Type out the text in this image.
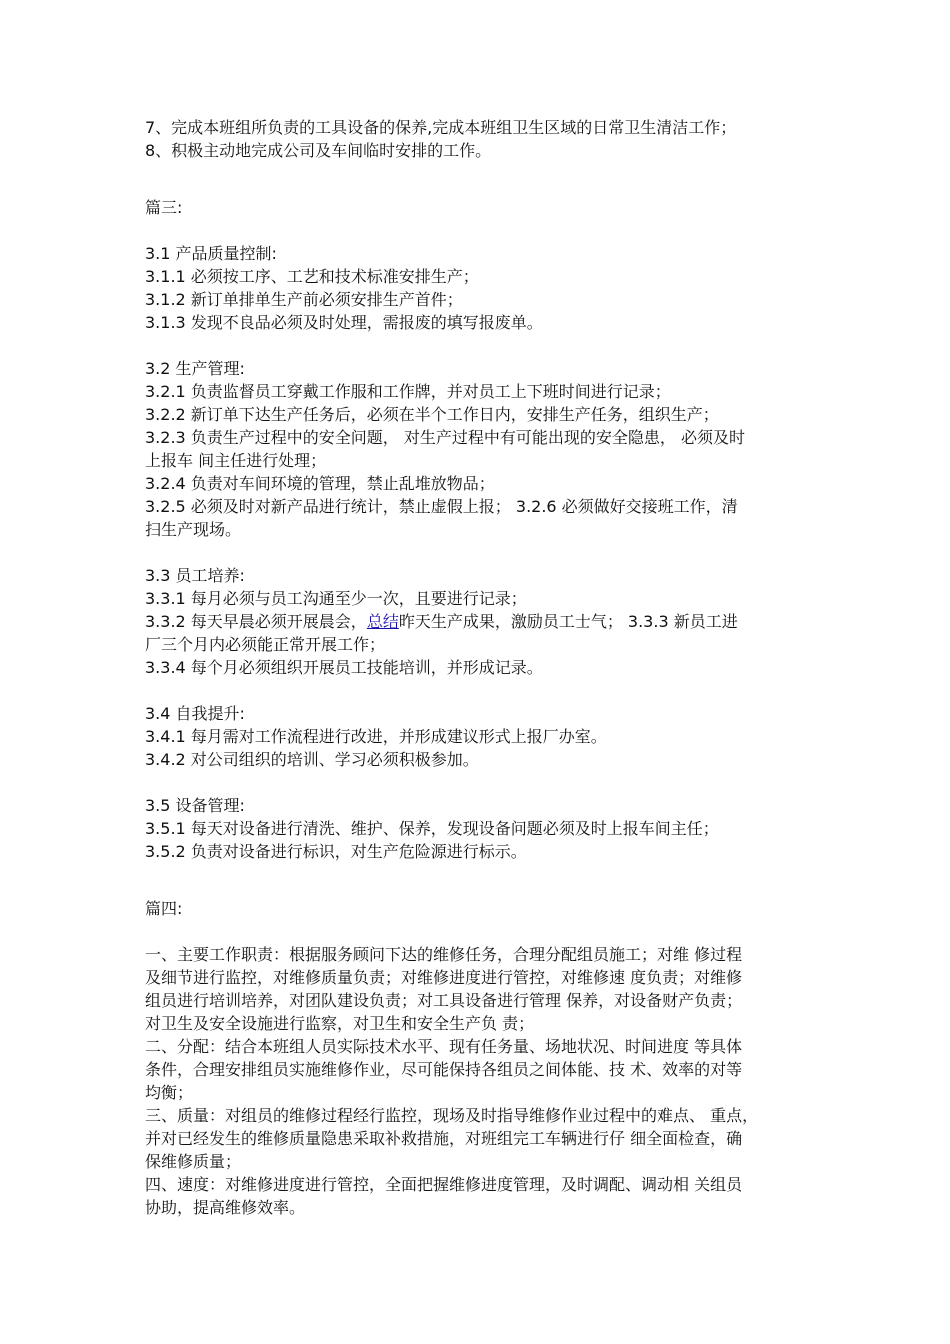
7、完成本班组所负责的工具设备的保养,完成本班组卫生区域的日常卫生清洁工作；
8、积极主动地完成公司及车间临时安排的工作。
篇三:
3.1 产品质量控制:
3.1.1 必须按工序、工艺和技术标准安排生产；
3.1.2 新订单排单生产前必须安排生产首件；
3.1.3 发现不良品必须及时处理，需报废的填写报废单。
3.2 生产管理:
3.2.1 负责监督员工穿戴工作服和工作牌，并对员工上下班时间进行记录；
3.2.2 新订单下达生产任务后，必须在半个工作日内，安排生产任务，组织生产；
3.2.3 负责生产过程中的安全问题， 对生产过程中有可能出现的安全隐患， 必须及时
上报车 间主任进行处理；
3.2.4 负责对车间环境的管理，禁止乱堆放物品；
3.2.5 必须及时对新产品进行统计，禁止虚假上报； 3.2.6 必须做好交接班工作，清
扫生产现场。
3.3 员工培养:
3.3.1 每月必须与员工沟通至少一次，且要进行记录；
3.3.2 每天早晨必须开展晨会，总结昨天生产成果，激励员工士气； 3.3.3 新员工进
厂三个月内必须能正常开展工作；
3.3.4 每个月必须组织开展员工技能培训，并形成记录。
3.4 自我提升:
3.4.1 每月需对工作流程进行改进，并形成建议形式上报厂办室。
3.4.2 对公司组织的培训、学习必须积极参加。
3.5 设备管理:
3.5.1 每天对设备进行清洗、维护、保养，发现设备问题必须及时上报车间主任；
3.5.2 负责对设备进行标识，对生产危险源进行标示。
篇四:
一、主要工作职责：根据服务顾问下达的维修任务，合理分配组员施工；对维 修过程
及细节进行监控，对维修质量负责；对维修进度进行管控，对维修速 度负责；对维修
组员进行培训培养，对团队建设负责；对工具设备进行管理 保养，对设备财产负责；
对卫生及安全设施进行监察，对卫生和安全生产负 责；
二、分配：结合本班组人员实际技术水平、现有任务量、场地状况、时间进度 等具体
条件，合理安排组员实施维修作业，尽可能保持各组员之间体能、技 术、效率的对等
均衡；
三、质量：对组员的维修过程经行监控，现场及时指导维修作业过程中的难点、 重点，
并对已经发生的维修质量隐患采取补救措施，对班组完工车辆进行仔 细全面检查，确
保维修质量；
四、速度：对维修进度进行管控，全面把握维修进度管理，及时调配、调动相 关组员
协助，提高维修效率。
